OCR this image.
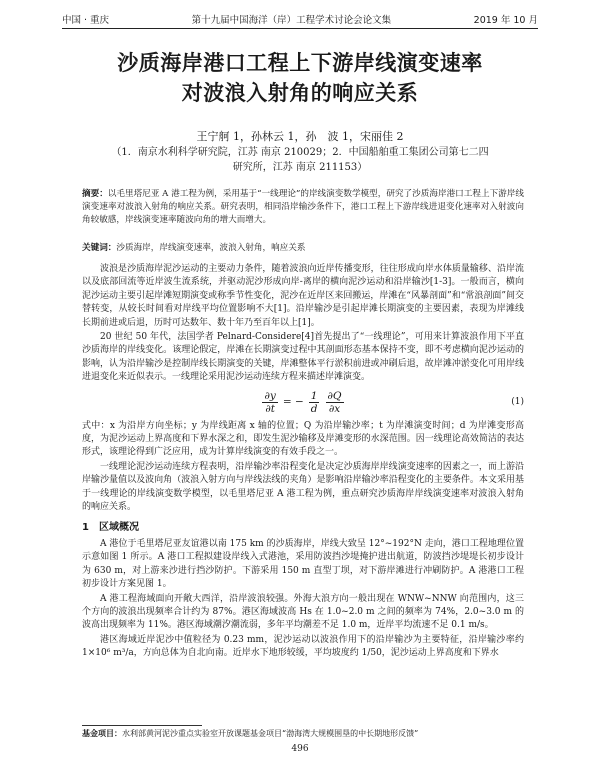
中国 · 重庆	第十九届中国海洋（岸）工程学术讨论会论文集	2019 年 10 月
沙质海岸港口工程上下游岸线演变速率
对波浪入射角的响应关系
王宁舸 1，孙林云 1，孙　波 1，宋丽佳 2
（1．南京水利科学研究院，江苏 南京 210029；2．中国船舶重工集团公司第七二四研究所，江苏 南京 211153）
摘要：以毛里塔尼亚 A 港工程为例，采用基于“一线理论”的岸线演变数学模型，研究了沙质海岸港口工程上下游岸线演变速率对波浪入射角的响应关系。研究表明，相同沿岸输沙条件下，港口工程上下游岸线进退变化速率对入射波向角较敏感，岸线演变速率随波向角的增大而增大。
关键词：沙质海岸，岸线演变速率，波浪入射角，响应关系

波浪是沙质海岸泥沙运动的主要动力条件，随着波浪向近岸传播变形，往往形成向岸水体质量输移、沿岸流以及底部回流等近岸波生流系统，并驱动泥沙形成向岸-离岸的横向泥沙运动和沿岸输沙[1-3]。一般而言，横向泥沙运动主要引起岸滩短期演变或称季节性变化，泥沙在近岸区来回搬运，岸滩在“风暴剖面”和“常浪剖面”间交替转变，从较长时间看对岸线平均位置影响不大[1]。沿岸输沙是引起岸滩长期演变的主要因素，表现为岸滩线长期前进或后退，历时可达数年、数十年乃至百年以上[1]。

20 世纪 50 年代，法国学者 Pelnard-Considere[4]首先提出了“一线理论”，可用来计算波浪作用下平直沙质海岸的岸线变化。该理论假定，岸滩在长期演变过程中其剖面形态基本保持不变，即不考虑横向泥沙运动的影响，认为沿岸输沙是控制岸线长期演变的关键，岸滩整体平行淤积前进或冲刷后退，故岸滩冲淤变化可用岸线进退变化来近似表示。一线理论采用泥沙运动连续方程来描述岸滩演变。

$\frac{\partial y}{\partial t}$ = − $\frac{1}{d} \frac{\partial Q}{\partial x}$	(1)

式中：x 为沿岸方向坐标；y 为岸线距离 x 轴的位置；Q 为沿岸输沙率；t 为岸滩演变时间；d 为岸滩变形高度，为泥沙运动上界高度和下界水深之和，即发生泥沙输移及岸滩变形的水深范围。因一线理论高效简洁的表达形式，该理论得到广泛应用，成为计算岸线演变的有效手段之一。

一线理论泥沙运动连续方程表明，沿岸输沙率沿程变化是决定沙质海岸岸线演变速率的因素之一，而上游沿岸输沙量值以及波向角（波浪入射方向与岸线法线的夹角）是影响沿岸输沙率沿程变化的主要条件。本文采用基于一线理论的岸线演变数学模型，以毛里塔尼亚 A 港工程为例，重点研究沙质海岸岸线演变速率对波浪入射角的响应关系。

1　区域概况

A 港位于毛里塔尼亚友谊港以南 175 km 的沙质海岸，岸线大致呈 12°~192°N 走向，港口工程地理位置示意如图 1 所示。A 港口工程拟建设岸线入式港池，采用防波挡沙堤掩护进出航道，防波挡沙堤堤长初步设计为 630 m，对上游来沙进行挡沙防护。下游采用 150 m 直型丁坝，对下游岸滩进行冲刷防护。A 港港口工程初步设计方案见图 1。

A 港工程海域面向开敞大西洋，沿岸波浪较强。外海大浪方向一般出现在 WNW~NNW 向范围内，这三个方向的波浪出现频率合计约为 87%。港区海域波高 Hs 在 1.0~2.0 m 之间的频率为 74%，2.0~3.0 m 的波高出现频率为 11%。港区海域潮汐潮流弱，多年平均潮差不足 1.0 m，近岸平均流速不足 0.1 m/s。

港区海域近岸泥沙中值粒径为 0.23 mm，泥沙运动以波浪作用下的沿岸输沙为主要特征，沿岸输沙率约 1×10⁶ m³/a，方向总体为自北向南。近岸水下地形较缓，平均坡度约 1/50，泥沙运动上界高度和下界水

基金项目：水利部黄河泥沙重点实验室开放课题基金项目“渤海湾大规模围垦的中长期地形反馈”
496
